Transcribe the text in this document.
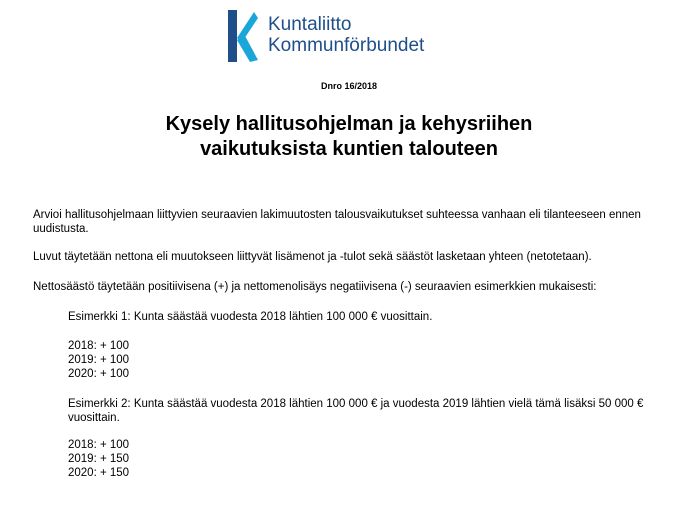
Kuntaliitto
Kommunförbundet
Dnro 16/2018
Kysely hallitusohjelman ja kehysriihen
vaikutuksista kuntien talouteen
Arvioi hallitusohjelmaan liittyvien seuraavien lakimuutosten talousvaikutukset suhteessa vanhaan eli tilanteeseen ennen uudistusta.
Luvut täytetään nettona eli muutokseen liittyvät lisämenot ja -tulot sekä säästöt lasketaan yhteen (netotetaan).
Nettosäästö täytetään positiivisena (+) ja nettomenolisäys negatiivisena (-) seuraavien esimerkkien mukaisesti:
Esimerkki 1: Kunta säästää vuodesta 2018 lähtien 100 000 € vuosittain.
2018: + 100
2019: + 100
2020: + 100
Esimerkki 2: Kunta säästää vuodesta 2018 lähtien 100 000 € ja vuodesta 2019 lähtien vielä tämä lisäksi 50 000 € vuosittain.
2018: + 100
2019: + 150
2020: + 150
